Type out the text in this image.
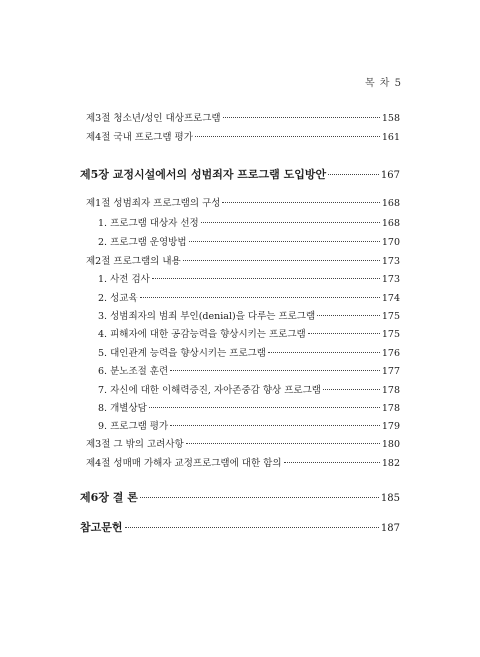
목 차 5
제3절 청소년/성인 대상프로그램	158
제4절 국내 프로그램 평가	161
제5장 교정시설에서의 성범죄자 프로그램 도입방안	167
제1절 성범죄자 프로그램의 구성	168
1. 프로그램 대상자 선정	168
2. 프로그램 운영방법	170
제2절 프로그램의 내용	173
1. 사전 검사	173
2. 성교육	174
3. 성범죄자의 범죄 부인(denial)을 다루는 프로그램	175
4. 피해자에 대한 공감능력을 향상시키는 프로그램	175
5. 대인관계 능력을 향상시키는 프로그램	176
6. 분노조절 훈련	177
7. 자신에 대한 이해력증진, 자아존중감 향상 프로그램	178
8. 개별상담	178
9. 프로그램 평가	179
제3절 그 밖의 고려사항	180
제4절 성매매 가해자 교정프로그램에 대한 함의	182
제6장 결 론	185
참고문헌	187
